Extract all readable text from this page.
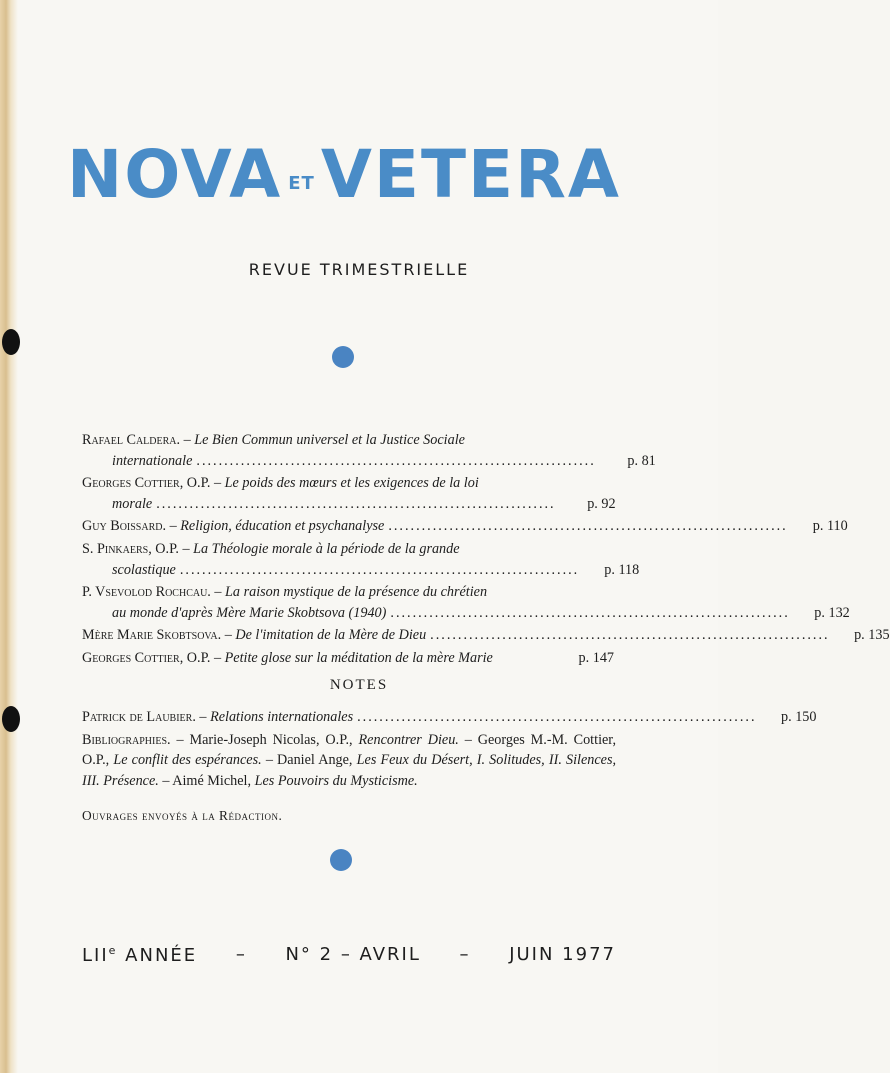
NOVA ET VETERA
REVUE TRIMESTRIELLE
Rafael Caldera. – Le Bien Commun universel et la Justice Sociale
internationale ........................................................................	p. 81
Georges Cottier, O.P. – Le poids des mœurs et les exigences de la loi
morale ........................................................................	p. 92
Guy Boissard. – Religion, éducation et psychanalyse ........................................................................	p. 110
S. Pinkaers, O.P. – La Théologie morale à la période de la grande
scolastique ........................................................................	p. 118
P. Vsevolod Rochcau. – La raison mystique de la présence du chrétien
au monde d'après Mère Marie Skobtsova (1940) ........................................................................	p. 132
Mère Marie Skobtsova. – De l'imitation de la Mère de Dieu ........................................................................	p. 135
Georges Cottier, O.P. – Petite glose sur la méditation de la mère Marie	p. 147
NOTES
Patrick de Laubier. – Relations internationales ........................................................................	p. 150
Bibliographies. – Marie-Joseph Nicolas, O.P., Rencontrer Dieu. – Georges M.-M. Cottier, O.P., Le conflit des espérances. – Daniel Ange, Les Feux du Désert, I. Solitudes, II. Silences, III. Présence. – Aimé Michel, Les Pouvoirs du Mysticisme.
Ouvrages envoyés à la Rédaction.
LIIe ANNÉE – N° 2 – AVRIL – JUIN 1977
